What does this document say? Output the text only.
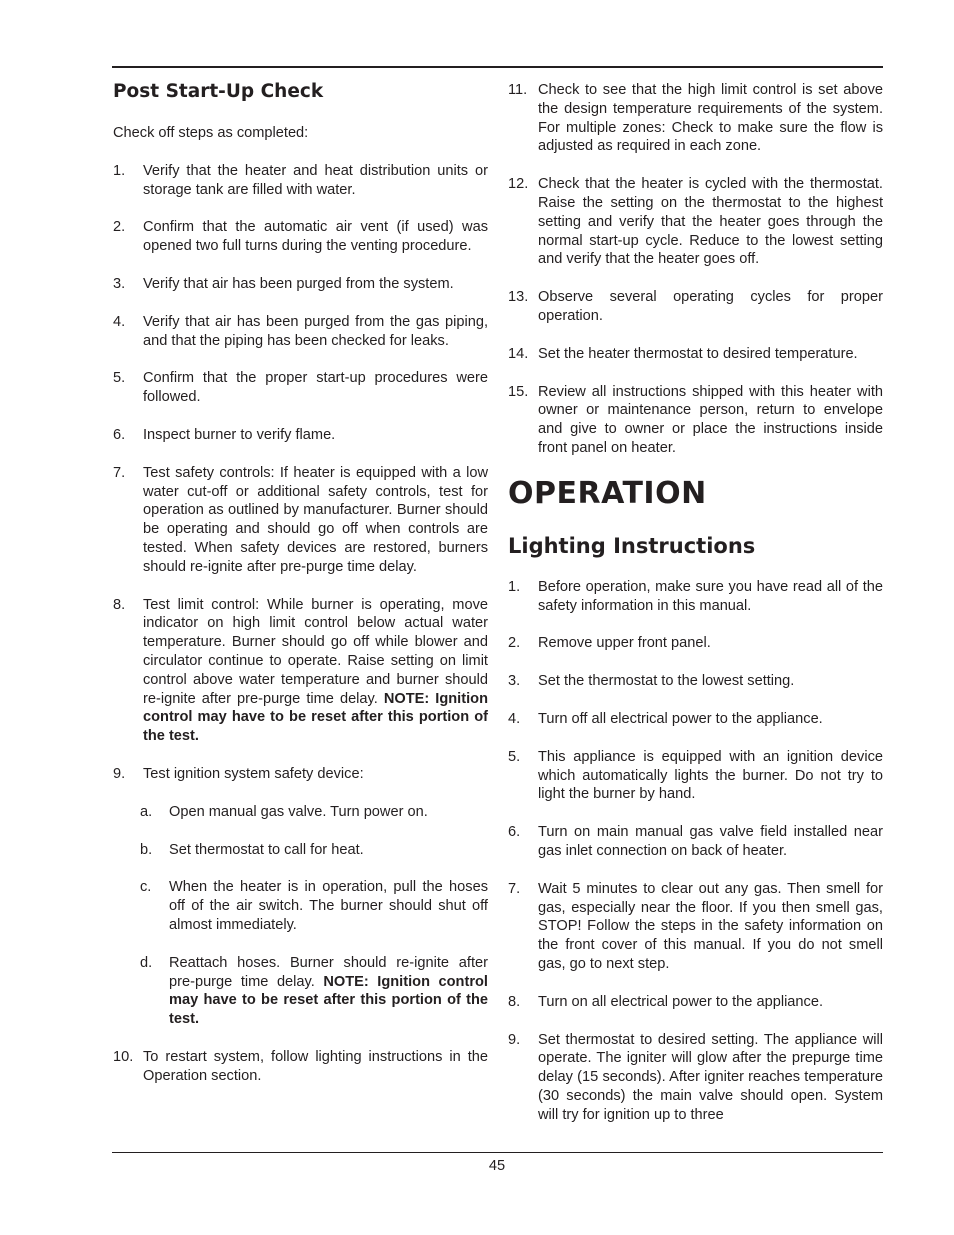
Post Start-Up Check

Check off steps as completed:

1.	Verify that the heater and heat distribution units or storage tank are filled with water.
2.	Confirm that the automatic air vent (if used) was opened two full turns during the venting procedure.
3.	Verify that air has been purged from the system.
4.	Verify that air has been purged from the gas piping, and that the piping has been checked for leaks.
5.	Confirm that the proper start-up procedures were followed.
6.	Inspect burner to verify flame.
7.	Test safety controls: If heater is equipped with a low water cut-off or additional safety controls, test for operation as outlined by manufacturer. Burner should be operating and should go off when controls are tested. When safety devices are restored, burners should re-ignite after pre-purge time delay.
8.	Test limit control: While burner is operating, move indicator on high limit control below actual water temperature. Burner should go off while blower and circulator continue to operate. Raise setting on limit control above water temperature and burner should re-ignite after pre-purge time delay. NOTE: Ignition control may have to be reset after this portion of the test.
9.	Test ignition system safety device:
a.	Open manual gas valve. Turn power on.
b.	Set thermostat to call for heat.
c.	When the heater is in operation, pull the hoses off of the air switch. The burner should shut off almost immediately.
d.	Reattach hoses. Burner should re-ignite after pre-purge time delay. NOTE: Ignition control may have to be reset after this portion of the test.
10. To restart system, follow lighting instructions in the Operation section.
11. Check to see that the high limit control is set above the design temperature requirements of the system. For multiple zones: Check to make sure the flow is adjusted as required in each zone.
12. Check that the heater is cycled with the thermostat. Raise the setting on the thermostat to the highest setting and verify that the heater goes through the normal start-up cycle. Reduce to the lowest setting and verify that the heater goes off.
13. Observe several operating cycles for proper operation.
14. Set the heater thermostat to desired temperature.
15. Review all instructions shipped with this heater with owner or maintenance person, return to envelope and give to owner or place the instructions inside front panel on heater.
OPERATION
Lighting Instructions
1.	Before operation, make sure you have read all of the safety information in this manual.
2.	Remove upper front panel.
3.	Set the thermostat to the lowest setting.
4.	Turn off all electrical power to the appliance.
5.	This appliance is equipped with an ignition device which automatically lights the burner. Do not try to light the burner by hand.
6.	Turn on main manual gas valve field installed near gas inlet connection on back of heater.
7.	Wait 5 minutes to clear out any gas. Then smell for gas, especially near the floor. If you then smell gas, STOP! Follow the steps in the safety information on the front cover of this manual. If you do not smell gas, go to next step.
8.	Turn on all electrical power to the appliance.
9.	Set thermostat to desired setting. The appliance will operate. The igniter will glow after the prepurge time delay (15 seconds). After igniter reaches temperature (30 seconds) the main valve should open. System will try for ignition up to three
45
